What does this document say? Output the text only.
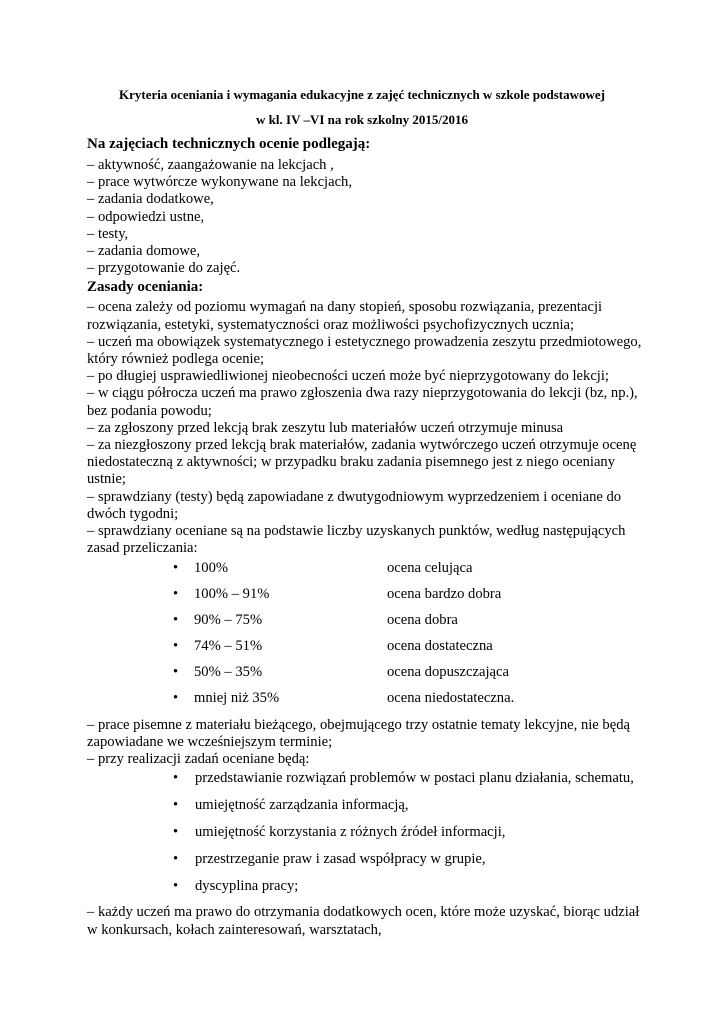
Kryteria oceniania i wymagania edukacyjne z zajęć technicznych w szkole podstawowej
w kl. IV –VI na rok szkolny 2015/2016

Na zajęciach technicznych ocenie podlegają:

– aktywność, zaangażowanie na lekcjach ,

– prace wytwórcze wykonywane na lekcjach,

– zadania dodatkowe,

– odpowiedzi ustne,

– testy,

– zadania domowe,

– przygotowanie do zajęć.

Zasady oceniania:

– ocena zależy od poziomu wymagań na dany stopień, sposobu rozwiązania, prezentacji rozwiązania, estetyki, systematyczności oraz możliwości psychofizycznych ucznia;

– uczeń ma obowiązek systematycznego i estetycznego prowadzenia zeszytu przedmiotowego, który również podlega ocenie;

– po długiej usprawiedliwionej nieobecności uczeń może być nieprzygotowany do lekcji;

– w ciągu półrocza uczeń ma prawo zgłoszenia dwa razy nieprzygotowania do lekcji (bz, np.), bez podania powodu;

– za zgłoszony przed lekcją brak zeszytu lub materiałów uczeń otrzymuje minusa

– za niezgłoszony przed lekcją brak materiałów, zadania wytwórczego uczeń otrzymuje ocenę niedostateczną z aktywności; w przypadku braku zadania pisemnego jest z niego oceniany ustnie;

– sprawdziany (testy) będą zapowiadane z dwutygodniowym wyprzedzeniem i oceniane do dwóch tygodni;

– sprawdziany oceniane są na podstawie liczby uzyskanych punktów, według następujących zasad przeliczania:

• 100%	ocena celująca
• 100% – 91%	ocena bardzo dobra
• 90% – 75%	ocena dobra
• 74% – 51%	ocena dostateczna
• 50% – 35%	ocena dopuszczająca
• mniej niż 35%	ocena niedostateczna.

– prace pisemne z materiału bieżącego, obejmującego trzy ostatnie tematy lekcyjne, nie będą zapowiadane we wcześniejszym terminie;

– przy realizacji zadań oceniane będą:

• przedstawianie rozwiązań problemów w postaci planu działania, schematu,
• umiejętność zarządzania informacją,
• umiejętność korzystania z różnych źródeł informacji,
• przestrzeganie praw i zasad współpracy w grupie,
• dyscyplina pracy;

– każdy uczeń ma prawo do otrzymania dodatkowych ocen, które może uzyskać, biorąc udział w konkursach, kołach zainteresowań, warsztatach,
